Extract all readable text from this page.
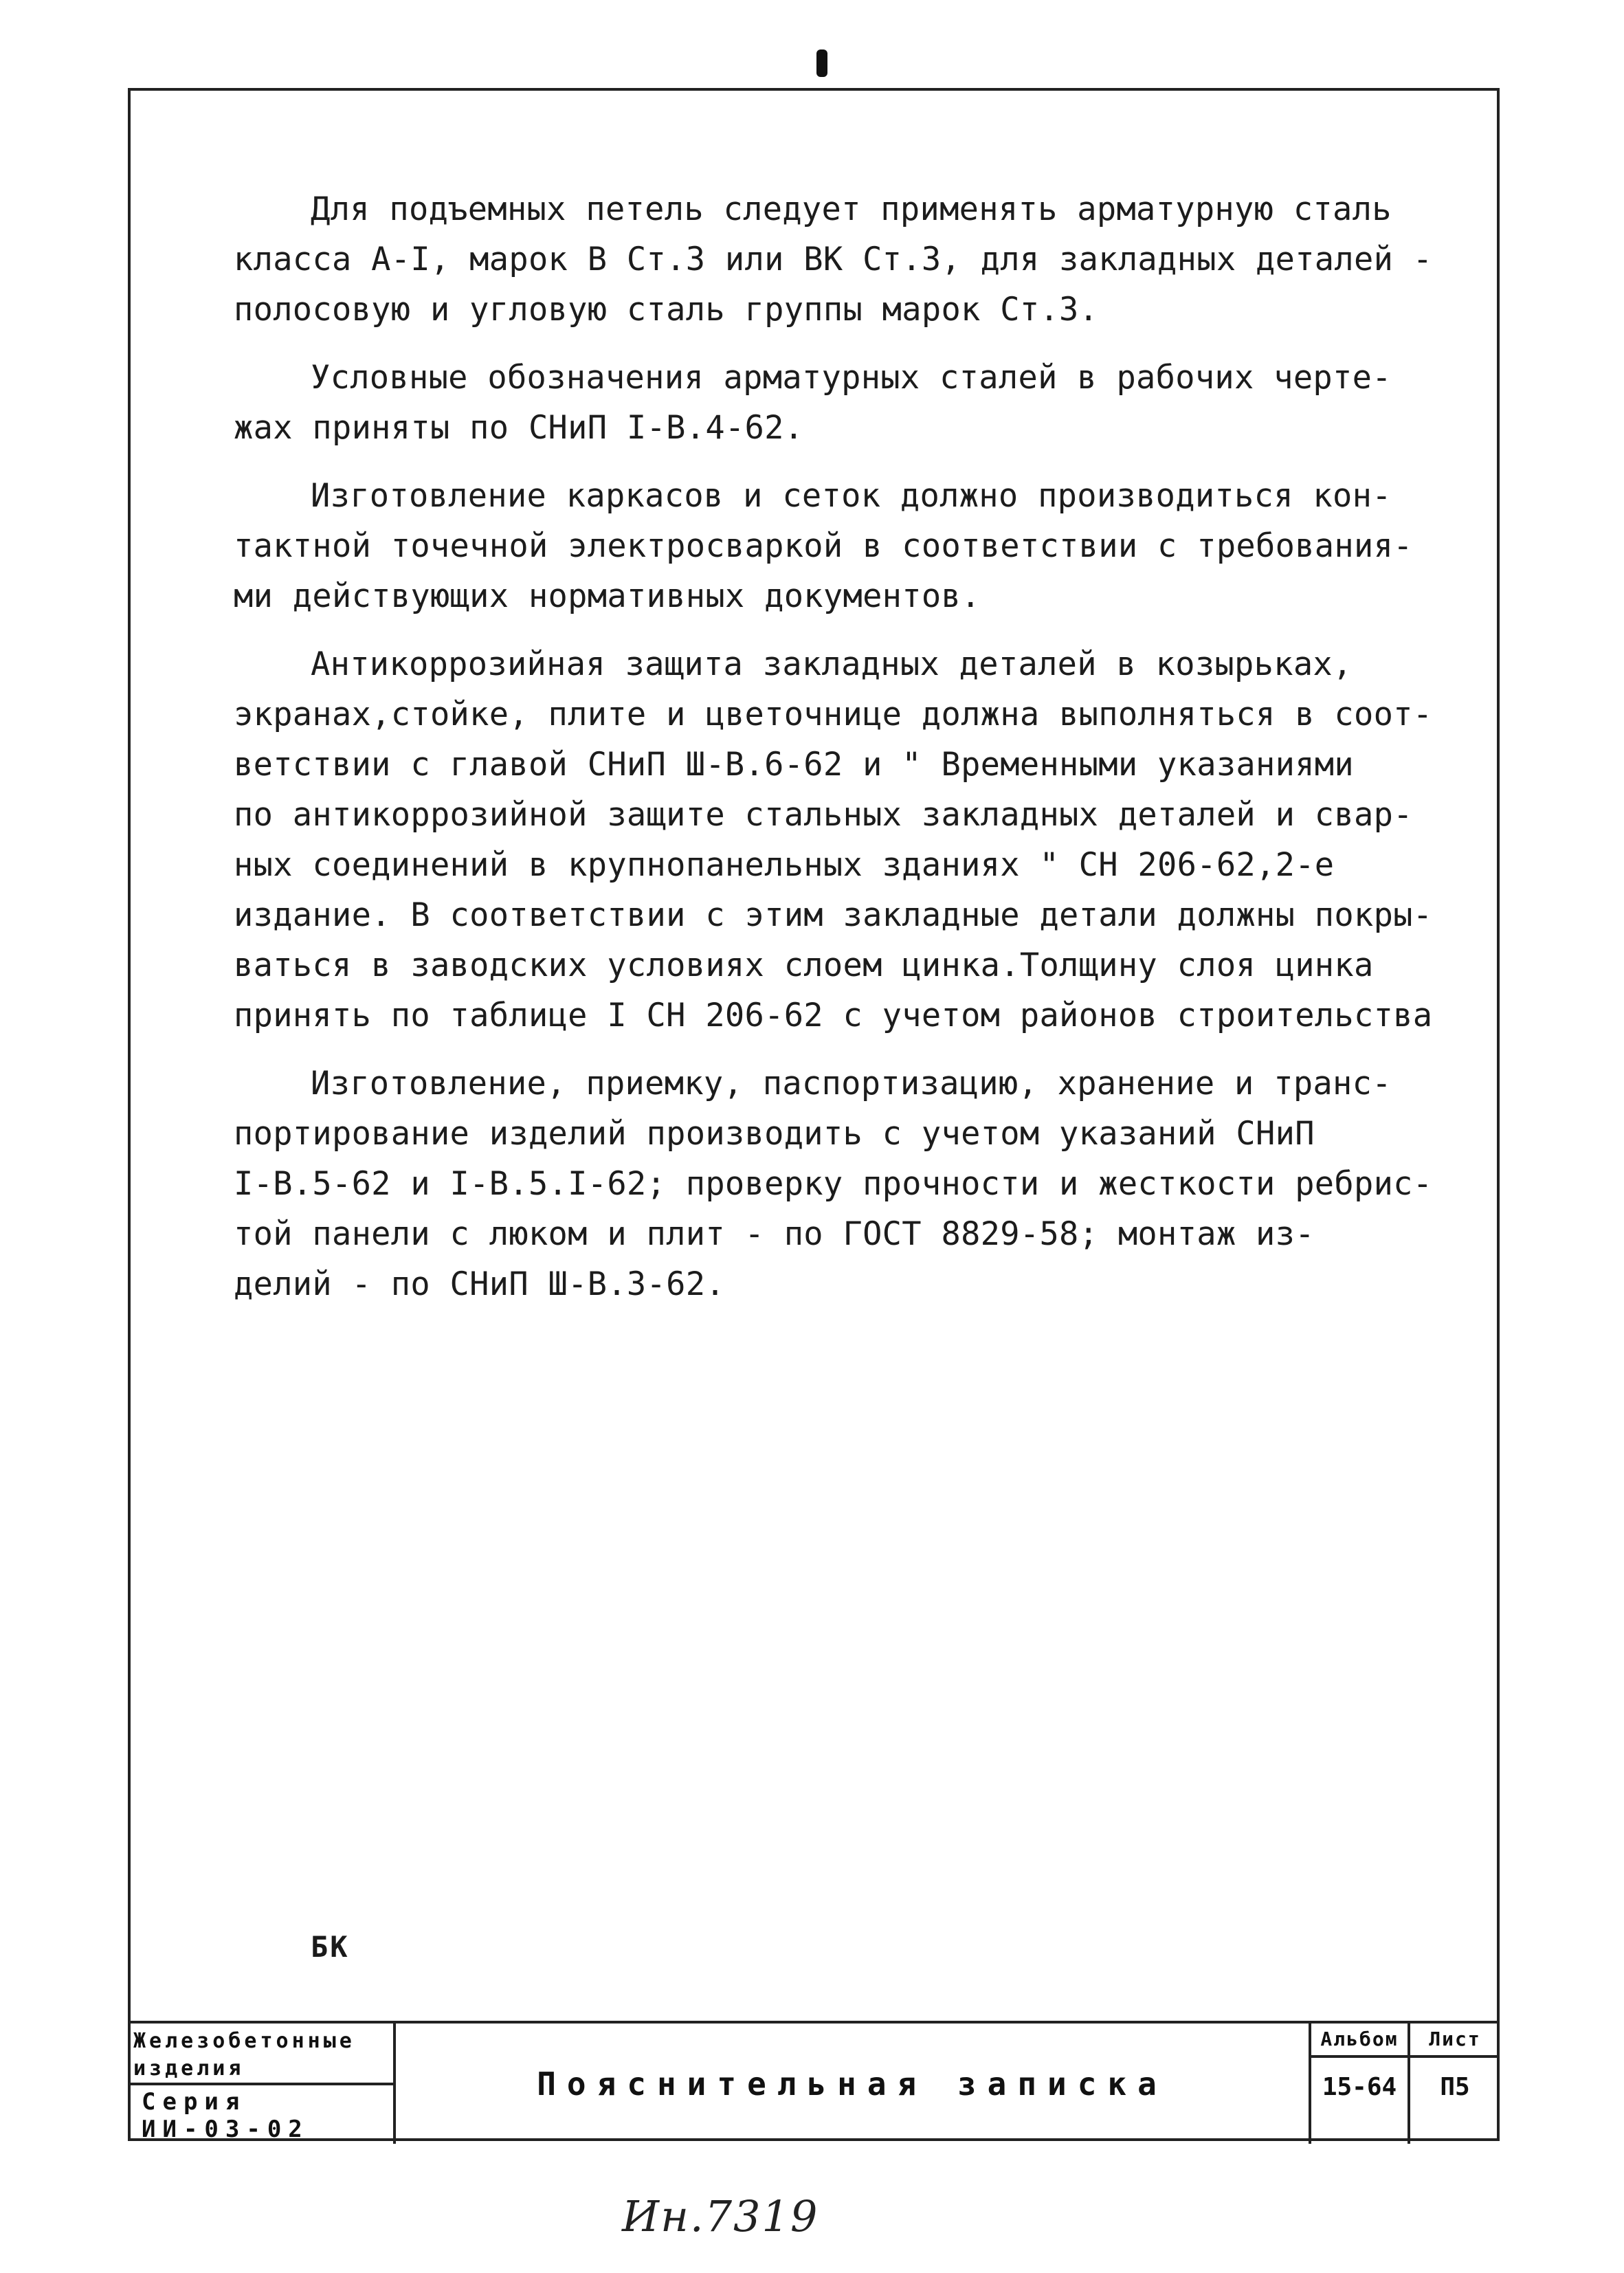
Для подъемных петель следует применять арматурную сталь
класса А-I, марок В Ст.3 или ВК Ст.3, для закладных деталей -
полосовую и угловую сталь группы марок Ст.3.
Условные обозначения арматурных сталей в рабочих черте-
жах приняты по СНиП I-В.4-62.
Изготовление каркасов и сеток должно производиться кон-
тактной точечной электросваркой в соответствии с требования-
ми действующих нормативных документов.
Антикоррозийная защита закладных деталей в козырьках,
экранах,стойке, плите и цветочнице должна выполняться в соот-
ветствии с главой СНиП Ш-В.6-62 и " Временными указаниями
по антикоррозийной защите стальных закладных деталей и свар-
ных соединений в крупнопанельных зданиях " СН 206-62,2-е
издание. В соответствии с этим закладные детали должны покры-
ваться в заводских условиях слоем цинка.Толщину слоя цинка
принять по таблице I СН 206-62 с учетом районов строительства
Изготовление, приемку, паспортизацию, хранение и транс-
портирование изделий производить с учетом указаний СНиП
I-В.5-62 и I-В.5.I-62; проверку прочности и жесткости ребрис-
той панели с люком и плит - по ГОСТ 8829-58; монтаж из-
делий - по СНиП Ш-В.3-62.
БК
Железобетонные изделия
Серия
ИИ-03-02
Пояснительная записка
Альбом	Лист
15-64	П5
Ин.7319
